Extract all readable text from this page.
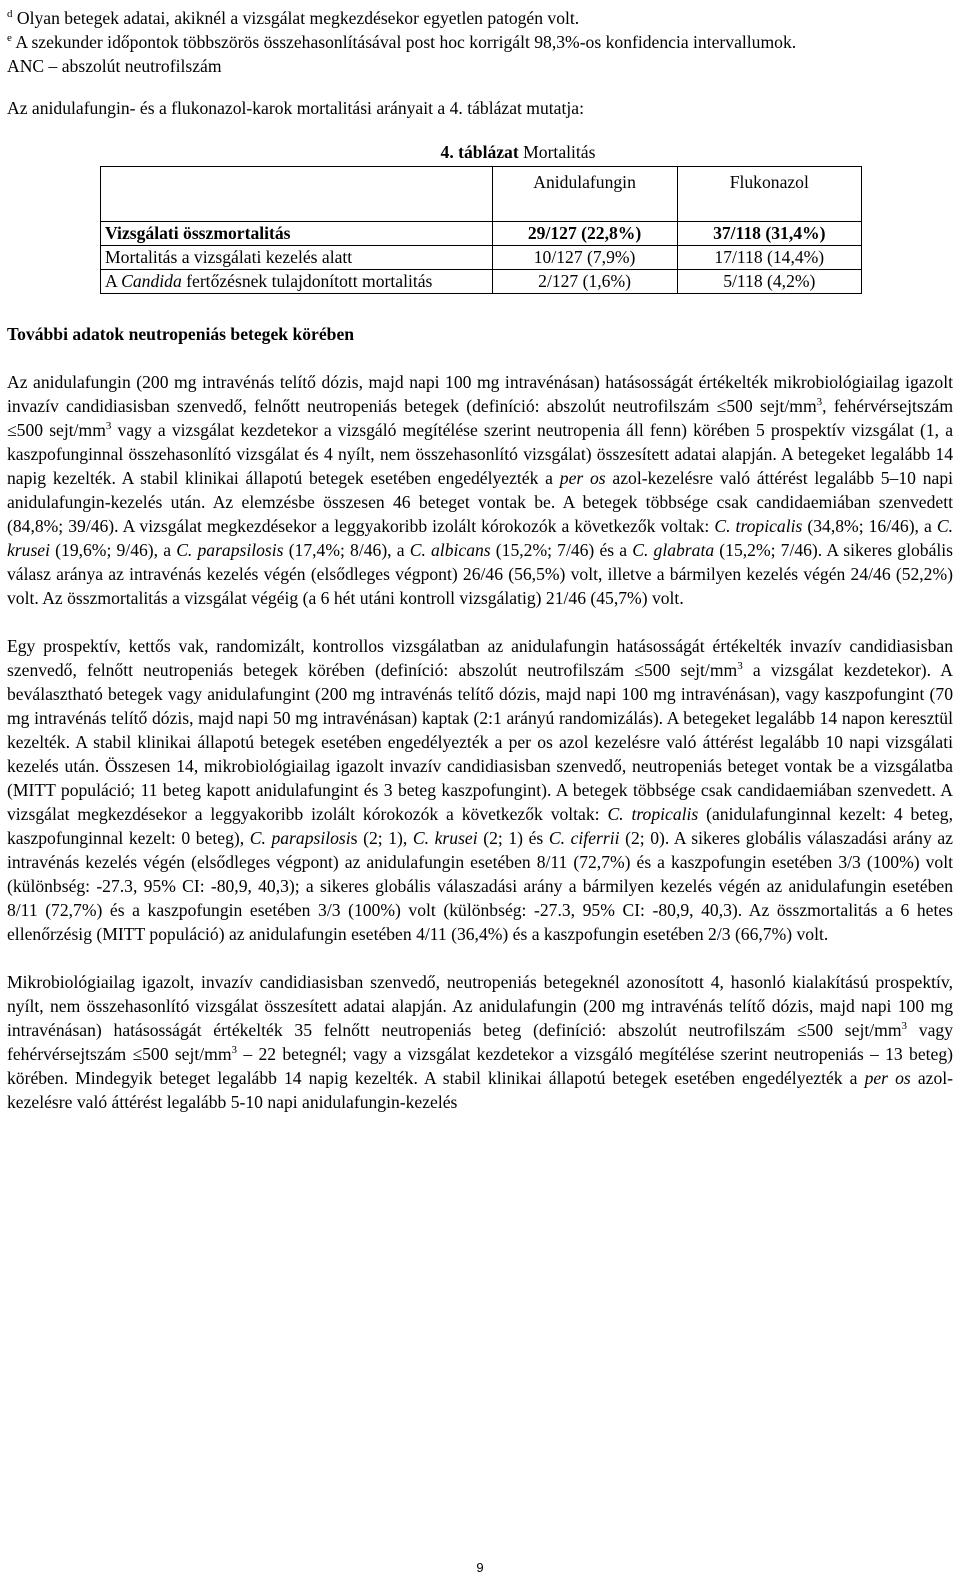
$^d$ Olyan betegek adatai, akiknél a vizsgálat megkezdésekor egyetlen patogén volt.

$^e$ A szekunder időpontok többszörös összehasonlításával post hoc korrigált 98,3%-os konfidencia intervallumok.

ANC – abszolút neutrofilszám

Az anidulafungin- és a flukonazol-karok mortalitási arányait a 4. táblázat mutatja:

4. táblázat Mortalitás
	Anidulafungin	Flukonazol
Vizsgálati összmortalitás	29/127 (22,8%)	37/118 (31,4%)
Mortalitás a vizsgálati kezelés alatt	10/127 (7,9%)	17/118 (14,4%)
A Candida fertőzésnek tulajdonított mortalitás	2/127 (1,6%)	5/118 (4,2%)
További adatok neutropeniás betegek körében

Az anidulafungin (200 mg intravénás telítő dózis, majd napi 100 mg intravénásan) hatásosságát értékelték mikrobiológiailag igazolt invazív candidiasisban szenvedő, felnőtt neutropeniás betegek (definíció: abszolút neutrofilszám ≤500 sejt/$mm^3$, fehérvérsejtszám ≤500 sejt/$mm^3$ vagy a vizsgálat kezdetekor a vizsgáló megítélése szerint neutropenia áll fenn) körében 5 prospektív vizsgálat (1, a kaszpofunginnal összehasonlító vizsgálat és 4 nyílt, nem összehasonlító vizsgálat) összesített adatai alapján. A betegeket legalább 14 napig kezelték. A stabil klinikai állapotú betegek esetében engedélyezték a per os azol-kezelésre való áttérést legalább 5–10 napi anidulafungin-kezelés után. Az elemzésbe összesen 46 beteget vontak be. A betegek többsége csak candidaemiában szenvedett (84,8%; 39/46). A vizsgálat megkezdésekor a leggyakoribb izolált kórokozók a következők voltak: C. tropicalis (34,8%; 16/46), a C. krusei (19,6%; 9/46), a C. parapsilosis (17,4%; 8/46), a C. albicans (15,2%; 7/46) és a C. glabrata (15,2%; 7/46). A sikeres globális válasz aránya az intravénás kezelés végén (elsődleges végpont) 26/46 (56,5%) volt, illetve a bármilyen kezelés végén 24/46 (52,2%) volt. Az összmortalitás a vizsgálat végéig (a 6 hét utáni kontroll vizsgálatig) 21/46 (45,7%) volt.

Egy prospektív, kettős vak, randomizált, kontrollos vizsgálatban az anidulafungin hatásosságát értékelték invazív candidiasisban szenvedő, felnőtt neutropeniás betegek körében (definíció: abszolút neutrofilszám ≤500 sejt/$mm^3$ a vizsgálat kezdetekor). A beválasztható betegek vagy anidulafungint (200 mg intravénás telítő dózis, majd napi 100 mg intravénásan), vagy kaszpofungint (70 mg intravénás telítő dózis, majd napi 50 mg intravénásan) kaptak (2:1 arányú randomizálás). A betegeket legalább 14 napon keresztül kezelték. A stabil klinikai állapotú betegek esetében engedélyezték a per os azol kezelésre való áttérést legalább 10 napi vizsgálati kezelés után. Összesen 14, mikrobiológiailag igazolt invazív candidiasisban szenvedő, neutropeniás beteget vontak be a vizsgálatba (MITT populáció; 11 beteg kapott anidulafungint és 3 beteg kaszpofungint). A betegek többsége csak candidaemiában szenvedett. A vizsgálat megkezdésekor a leggyakoribb izolált kórokozók a következők voltak: C. tropicalis (anidulafunginnal kezelt: 4 beteg, kaszpofunginnal kezelt: 0 beteg), C. parapsilosis (2; 1), C. krusei (2; 1) és C. ciferrii (2; 0). A sikeres globális válaszadási arány az intravénás kezelés végén (elsődleges végpont) az anidulafungin esetében 8/11 (72,7%) és a kaszpofungin esetében 3/3 (100%) volt (különbség: -27.3, 95% CI: -80,9, 40,3); a sikeres globális válaszadási arány a bármilyen kezelés végén az anidulafungin esetében 8/11 (72,7%) és a kaszpofungin esetében 3/3 (100%) volt (különbség: -27.3, 95% CI: -80,9, 40,3). Az összmortalitás a 6 hetes ellenőrzésig (MITT populáció) az anidulafungin esetében 4/11 (36,4%) és a kaszpofungin esetében 2/3 (66,7%) volt.

Mikrobiológiailag igazolt, invazív candidiasisban szenvedő, neutropeniás betegeknél azonosított 4, hasonló kialakítású prospektív, nyílt, nem összehasonlító vizsgálat összesített adatai alapján. Az anidulafungin (200 mg intravénás telítő dózis, majd napi 100 mg intravénásan) hatásosságát értékelték 35 felnőtt neutropeniás beteg (definíció: abszolút neutrofilszám ≤500 sejt/$mm^3$ vagy fehérvérsejtszám ≤500 sejt/$mm^3 - 22$ betegnél; vagy a vizsgálat kezdetekor a vizsgáló megítélése szerint neutropeniás – 13 beteg) körében. Mindegyik beteget legalább 14 napig kezelték. A stabil klinikai állapotú betegek esetében engedélyezték a per os azol-kezelésre való áttérést legalább 5-10 napi anidulafungin-kezelés

9
